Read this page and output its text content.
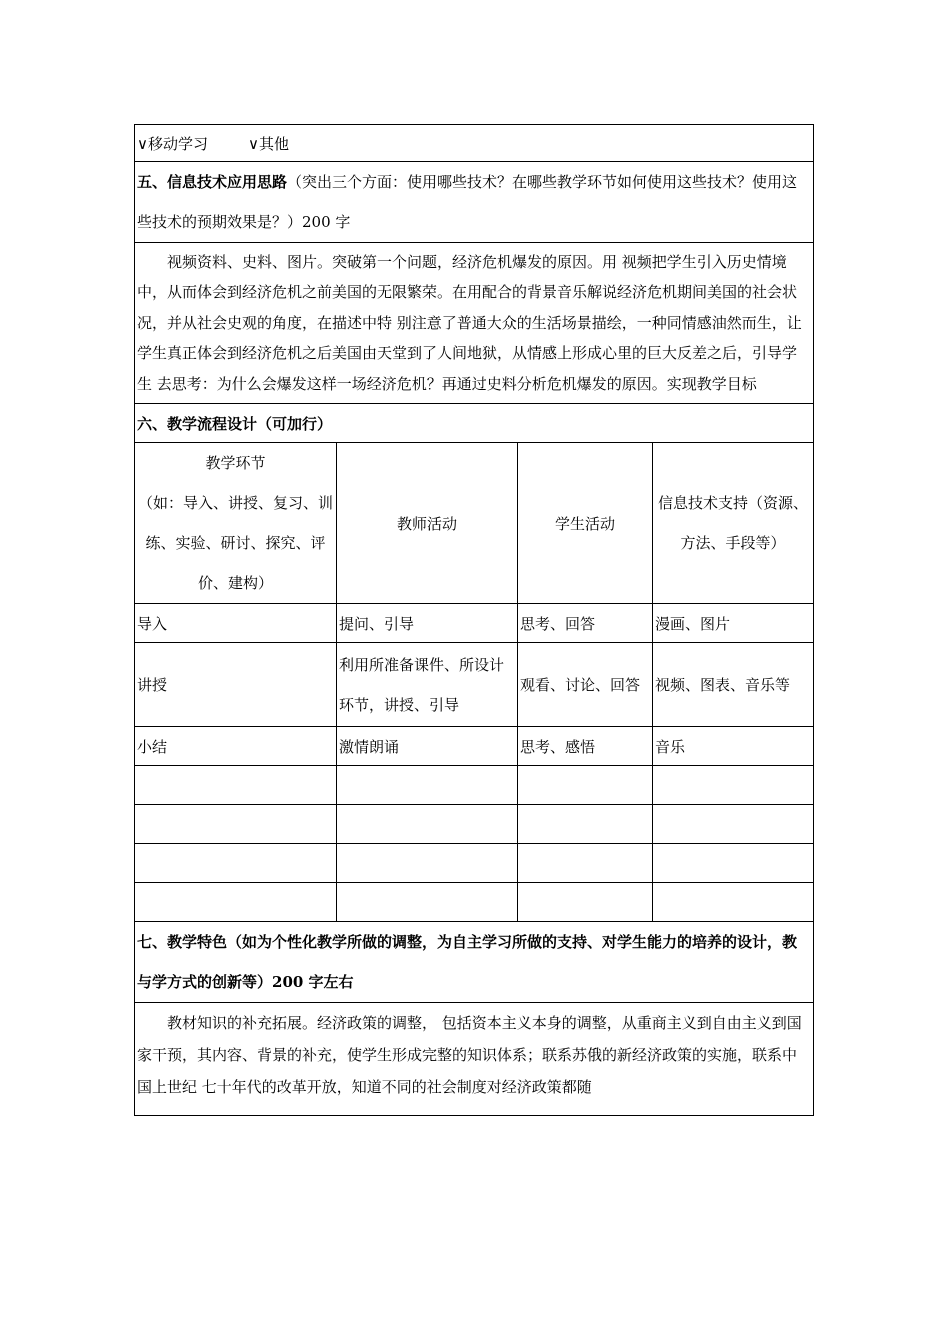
∨移动学习 ∨其他			
五、信息技术应用思路（突出三个方面：使用哪些技术？在哪些教学环节如何使用这些技术？使用这些技术的预期效果是？）200 字			
视频资料、史料、图片。突破第一个问题，经济危机爆发的原因。用 视频把学生引入历史情境中，从而体会到经济危机之前美国的无限繁荣。在用配合的背景音乐解说经济危机期间美国的社会状况，并从社会史观的角度，在描述中特 别注意了普通大众的生活场景描绘，一种同情感油然而生，让学生真正体会到经济危机之后美国由天堂到了人间地狱，从情感上形成心里的巨大反差之后，引导学生 去思考：为什么会爆发这样一场经济危机？再通过史料分析危机爆发的原因。实现教学目标			
六、教学流程设计（可加行）			

教学环节
（如：导入、讲授、复习、训练、实验、研讨、探究、评价、建构）	教师活动	学生活动	信息技术支持（资源、方法、手段等）
导入	提问、引导	思考、回答	漫画、图片
讲授	利用所准备课件、所设计环节，讲授、引导	观看、讨论、回答	视频、图表、音乐等
小结	激情朗诵	思考、感悟	音乐

七、教学特色（如为个性化教学所做的调整，为自主学习所做的支持、对学生能力的培养的设计，教与学方式的创新等）200 字左右			
教材知识的补充拓展。经济政策的调整， 包括资本主义本身的调整，从重商主义到自由主义到国家干预，其内容、背景的补充，使学生形成完整的知识体系；联系苏俄的新经济政策的实施，联系中国上世纪 七十年代的改革开放，知道不同的社会制度对经济政策都随			
